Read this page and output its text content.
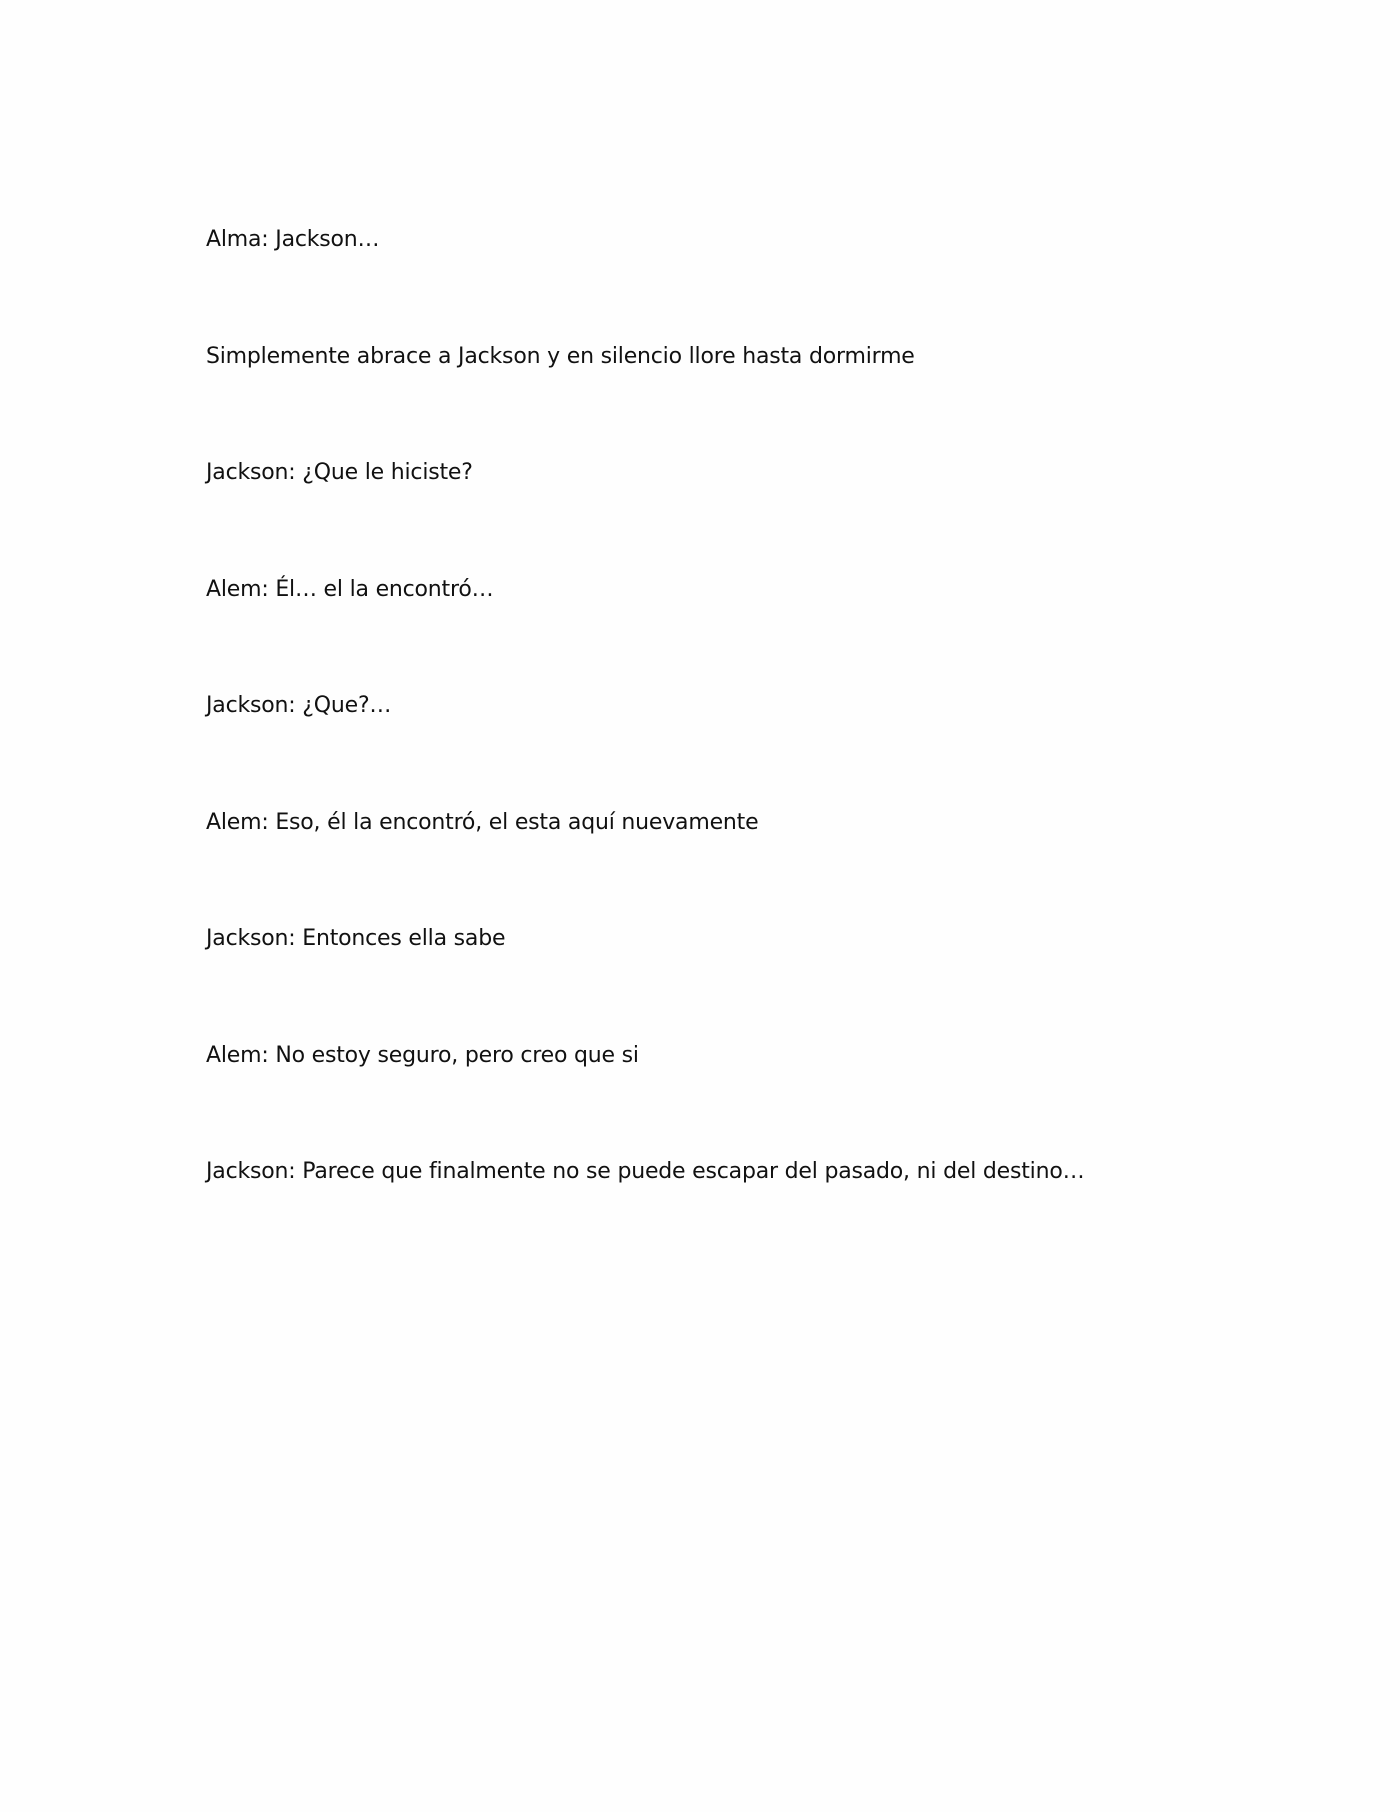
Alma: Jackson…

Simplemente abrace a Jackson y en silencio llore hasta dormirme

Jackson: ¿Que le hiciste?

Alem: Él… el la encontró…

Jackson: ¿Que?…

Alem: Eso, él la encontró, el esta aquí nuevamente

Jackson: Entonces ella sabe

Alem: No estoy seguro, pero creo que si

Jackson: Parece que finalmente no se puede escapar del pasado, ni del destino…
